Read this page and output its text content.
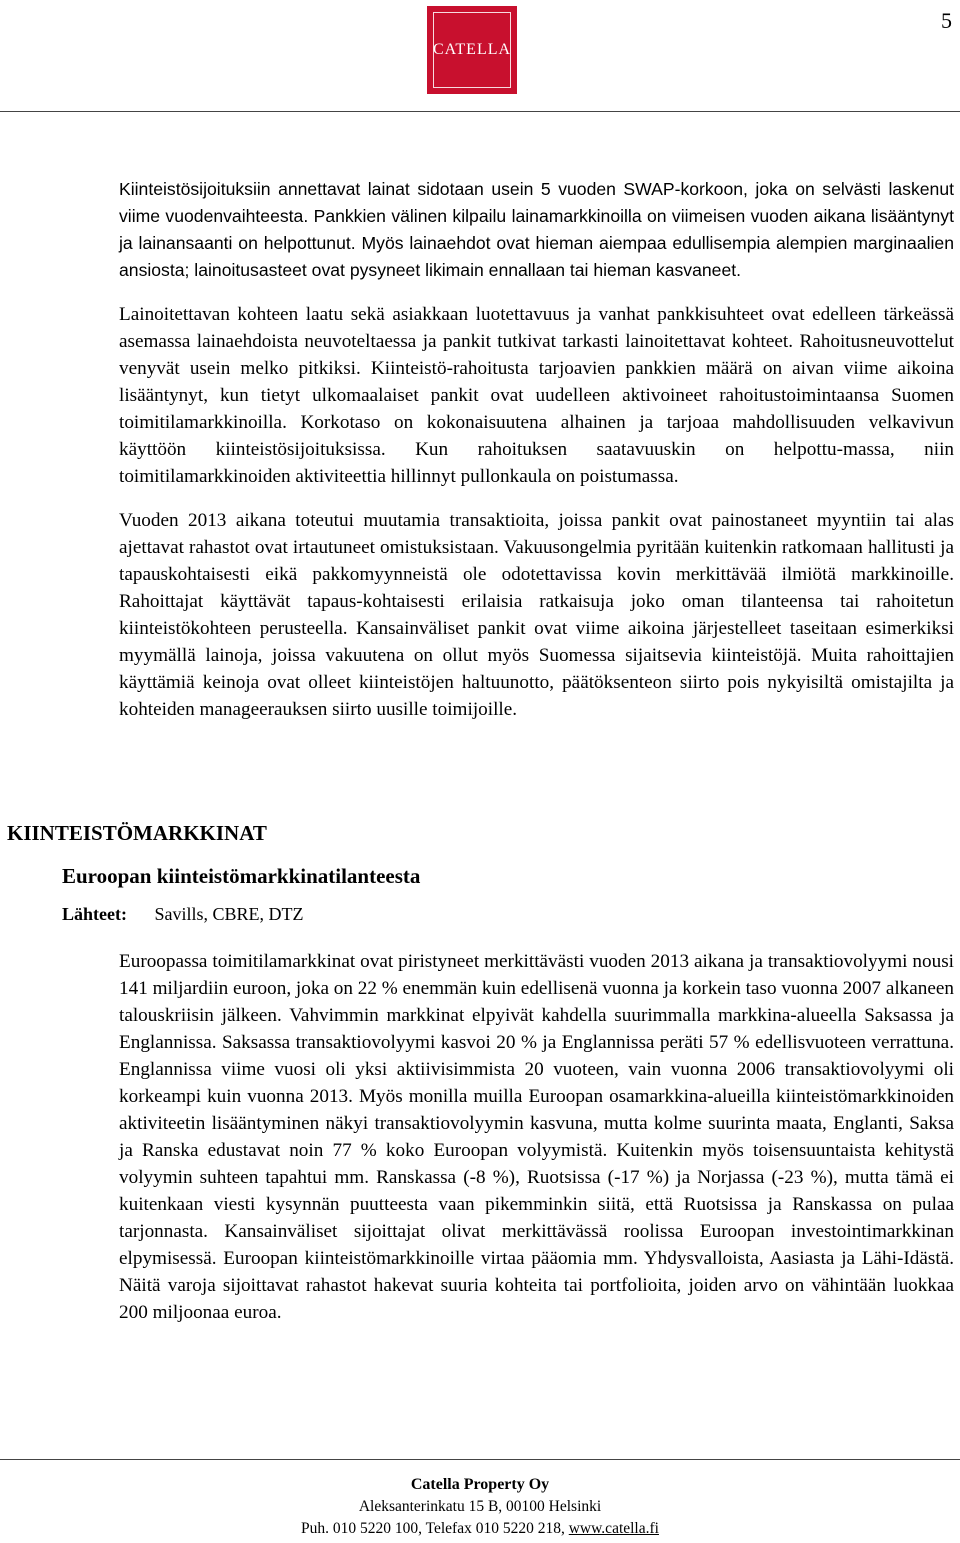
5
CATELLA

Kiinteistösijoituksiin annettavat lainat sidotaan usein 5 vuoden SWAP-korkoon, joka on selvästi laskenut viime vuodenvaihteesta. Pankkien välinen kilpailu lainamarkkinoilla on viimeisen vuoden aikana lisääntynyt ja lainansaanti on helpottunut. Myös lainaehdot ovat hieman aiempaa edullisempia alempien marginaalien ansiosta; lainoitusasteet ovat pysyneet likimain ennallaan tai hieman kasvaneet.

Lainoitettavan kohteen laatu sekä asiakkaan luotettavuus ja vanhat pankkisuhteet ovat edelleen tärkeässä asemassa lainaehdoista neuvoteltaessa ja pankit tutkivat tarkasti lainoitettavat kohteet. Rahoitusneuvottelut venyvät usein melko pitkiksi. Kiinteistö-rahoitusta tarjoavien pankkien määrä on aivan viime aikoina lisääntynyt, kun tietyt ulkomaalaiset pankit ovat uudelleen aktivoineet rahoitustoimintaansa Suomen toimitilamarkkinoilla. Korkotaso on kokonaisuutena alhainen ja tarjoaa mahdollisuuden velkavivun käyttöön kiinteistösijoituksissa. Kun rahoituksen saatavuuskin on helpottu-massa, niin toimitilamarkkinoiden aktiviteettia hillinnyt pullonkaula on poistumassa.

Vuoden 2013 aikana toteutui muutamia transaktioita, joissa pankit ovat painostaneet myyntiin tai alas ajettavat rahastot ovat irtautuneet omistuksistaan. Vakuusongelmia pyritään kuitenkin ratkomaan hallitusti ja tapauskohtaisesti eikä pakkomyynneistä ole odotettavissa kovin merkittävää ilmiötä markkinoille. Rahoittajat käyttävät tapaus-kohtaisesti erilaisia ratkaisuja joko oman tilanteensa tai rahoitetun kiinteistökohteen perusteella. Kansainväliset pankit ovat viime aikoina järjestelleet taseitaan esimerkiksi myymällä lainoja, joissa vakuutena on ollut myös Suomessa sijaitsevia kiinteistöjä. Muita rahoittajien käyttämiä keinoja ovat olleet kiinteistöjen haltuunotto, päätöksenteon siirto pois nykyisiltä omistajilta ja kohteiden manageerauksen siirto uusille toimijoille.

KIINTEISTÖMARKKINAT
Euroopan kiinteistömarkkinatilanteesta
Lähteet: Savills, CBRE, DTZ

Euroopassa toimitilamarkkinat ovat piristyneet merkittävästi vuoden 2013 aikana ja transaktiovolyymi nousi 141 miljardiin euroon, joka on 22 % enemmän kuin edellisenä vuonna ja korkein taso vuonna 2007 alkaneen talouskriisin jälkeen. Vahvimmin markkinat elpyivät kahdella suurimmalla markkina-alueella Saksassa ja Englannissa. Saksassa transaktiovolyymi kasvoi 20 % ja Englannissa peräti 57 % edellisvuoteen verrattuna. Englannissa viime vuosi oli yksi aktiivisimmista 20 vuoteen, vain vuonna 2006 transaktiovolyymi oli korkeampi kuin vuonna 2013. Myös monilla muilla Euroopan osamarkkina-alueilla kiinteistömarkkinoiden aktiviteetin lisääntyminen näkyi transaktiovolyymin kasvuna, mutta kolme suurinta maata, Englanti, Saksa ja Ranska edustavat noin 77 % koko Euroopan volyymistä. Kuitenkin myös toisensuuntaista kehitystä volyymin suhteen tapahtui mm. Ranskassa (-8 %), Ruotsissa (-17 %) ja Norjassa (-23 %), mutta tämä ei kuitenkaan viesti kysynnän puutteesta vaan pikemminkin siitä, että Ruotsissa ja Ranskassa on pulaa tarjonnasta. Kansainväliset sijoittajat olivat merkittävässä roolissa Euroopan investointimarkkinan elpymisessä. Euroopan kiinteistömarkkinoille virtaa pääomia mm. Yhdysvalloista, Aasiasta ja Lähi-Idästä. Näitä varoja sijoittavat rahastot hakevat suuria kohteita tai portfolioita, joiden arvo on vähintään luokkaa 200 miljoonaa euroa.

Catella Property Oy
Aleksanterinkatu 15 B, 00100 Helsinki
Puh. 010 5220 100, Telefax 010 5220 218, www.catella.fi
